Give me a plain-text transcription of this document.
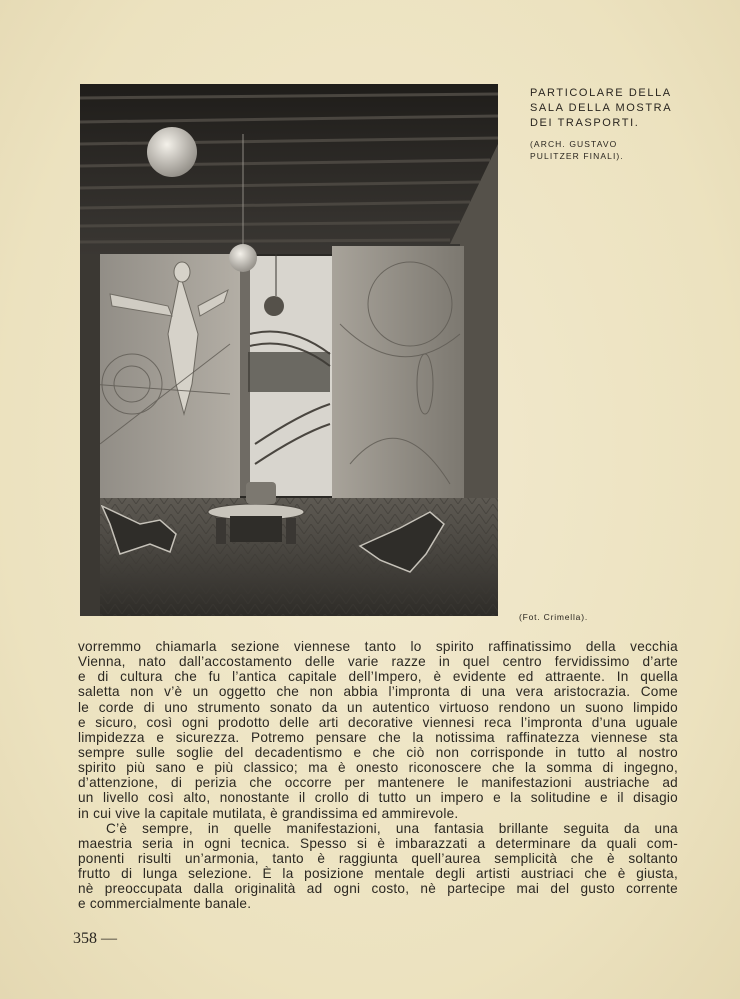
PARTICOLARE DELLA
SALA DELLA MOSTRA
DEI TRASPORTI.
(ARCH. GUSTAVO
PULITZER FINALI).
(Fot. Crimella).
vorremmo chiamarla sezione viennese tanto lo spirito raffinatissimo della vecchia
Vienna, nato dall’accostamento delle varie razze in quel centro fervidissimo d’arte
e di cultura che fu l’antica capitale dell’Impero, è evidente ed attraente. In quella
saletta non v’è un oggetto che non abbia l’impronta di una vera aristocrazia. Come
le corde di uno strumento sonato da un autentico virtuoso rendono un suono limpido
e sicuro, così ogni prodotto delle arti decorative viennesi reca l’impronta d’una uguale
limpidezza e sicurezza. Potremo pensare che la notissima raffinatezza viennese sta
sempre sulle soglie del decadentismo e che ciò non corrisponde in tutto al nostro
spirito più sano e più classico; ma è onesto riconoscere che la somma di ingegno,
d’attenzione, di perizia che occorre per mantenere le manifestazioni austriache ad
un livello così alto, nonostante il crollo di tutto un impero e la solitudine e il disagio
in cui vive la capitale mutilata, è grandissima ed ammirevole.
C’è sempre, in quelle manifestazioni, una fantasia brillante seguita da una
maestria seria in ogni tecnica. Spesso si è imbarazzati a determinare da quali com-
ponenti risulti un’armonia, tanto è raggiunta quell’aurea semplicità che è soltanto
frutto di lunga selezione. È la posizione mentale degli artisti austriaci che è giusta,
nè preoccupata dalla originalità ad ogni costo, nè partecipe mai del gusto corrente
e commercialmente banale.
358 —
